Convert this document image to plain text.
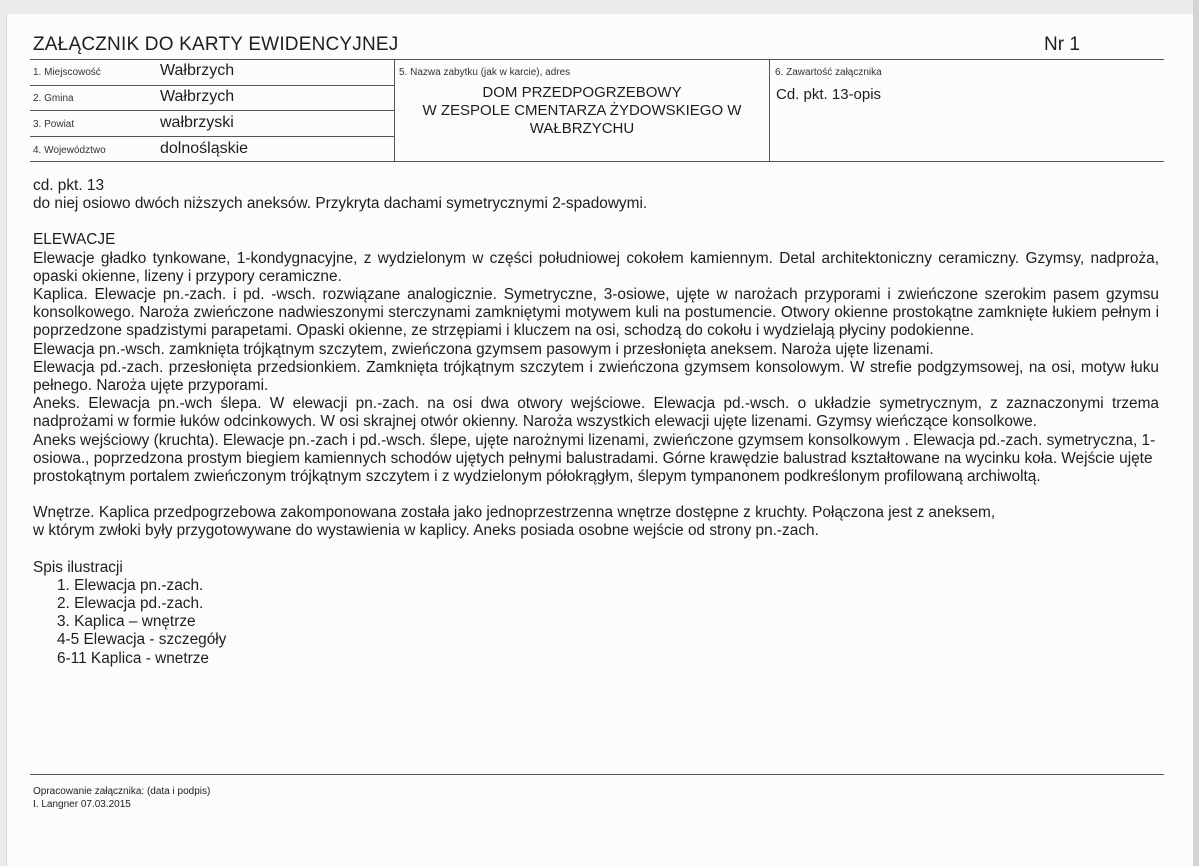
ZAŁĄCZNIK DO KARTY EWIDENCYJNEJ	Nr 1
1. Miejscowość	Wałbrzych
2. Gmina	Wałbrzych
3. Powiat	wałbrzyski
4. Województwo	dolnośląskie
5. Nazwa zabytku (jak w karcie), adres
DOM PRZEDPOGRZEBOWY
W ZESPOLE CMENTARZA ŻYDOWSKIEGO W
WAŁBRZYCHU
6. Zawartość załącznika
Cd. pkt. 13-opis

cd. pkt. 13

do niej osiowo dwóch niższych aneksów. Przykryta dachami symetrycznymi 2-spadowymi.

ELEWACJE

Elewacje gładko tynkowane, 1-kondygnacyjne, z wydzielonym w części południowej cokołem kamiennym. Detal architektoniczny ceramiczny. Gzymsy, nadproża, opaski okienne, lizeny i przypory ceramiczne.

Kaplica. Elewacje pn.-zach. i pd. -wsch. rozwiązane analogicznie. Symetryczne, 3-osiowe, ujęte w narożach przyporami i zwieńczone szerokim pasem gzymsu konsolkowego. Naroża zwieńczone nadwieszonymi sterczynami zamkniętymi motywem kuli na postumencie. Otwory okienne prostokątne zamknięte łukiem pełnym i poprzedzone spadzistymi parapetami. Opaski okienne, ze strzępiami i kluczem na osi, schodzą do cokołu i wydzielają płyciny podokienne.

Elewacja pn.-wsch. zamknięta trójkątnym szczytem, zwieńczona gzymsem pasowym i przesłonięta aneksem. Naroża ujęte lizenami.

Elewacja pd.-zach. przesłonięta przedsionkiem. Zamknięta trójkątnym szczytem i zwieńczona gzymsem konsolowym. W strefie podgzymsowej, na osi, motyw łuku pełnego. Naroża ujęte przyporami.

Aneks. Elewacja pn.-wch ślepa. W elewacji pn.-zach. na osi dwa otwory wejściowe. Elewacja pd.-wsch. o układzie symetrycznym, z zaznaczonymi trzema nadprożami w formie łuków odcinkowych. W osi skrajnej otwór okienny. Naroża wszystkich elewacji ujęte lizenami. Gzymsy wieńczące konsolkowe.

Aneks wejściowy (kruchta). Elewacje pn.-zach i pd.-wsch. ślepe, ujęte narożnymi lizenami, zwieńczone gzymsem konsolkowym . Elewacja pd.-zach. symetryczna, 1-osiowa., poprzedzona prostym biegiem kamiennych schodów ujętych pełnymi balustradami. Górne krawędzie balustrad kształtowane na wycinku koła. Wejście ujęte prostokątnym portalem zwieńczonym trójkątnym szczytem i z wydzielonym półokrągłym, ślepym tympanonem podkreślonym profilowaną archiwoltą.

Wnętrze. Kaplica przedpogrzebowa zakomponowana została jako jednoprzestrzenna wnętrze dostępne z kruchty. Połączona jest z aneksem,

w którym zwłoki były przygotowywane do wystawienia w kaplicy. Aneks posiada osobne wejście od strony pn.-zach.

Spis ilustracji

1. Elewacja pn.-zach.
2. Elewacja pd.-zach.
3. Kaplica – wnętrze
4-5 Elewacja - szczegóły
6-11 Kaplica - wnetrze
Opracowanie załącznika: (data i podpis)
I. Langner 07.03.2015
